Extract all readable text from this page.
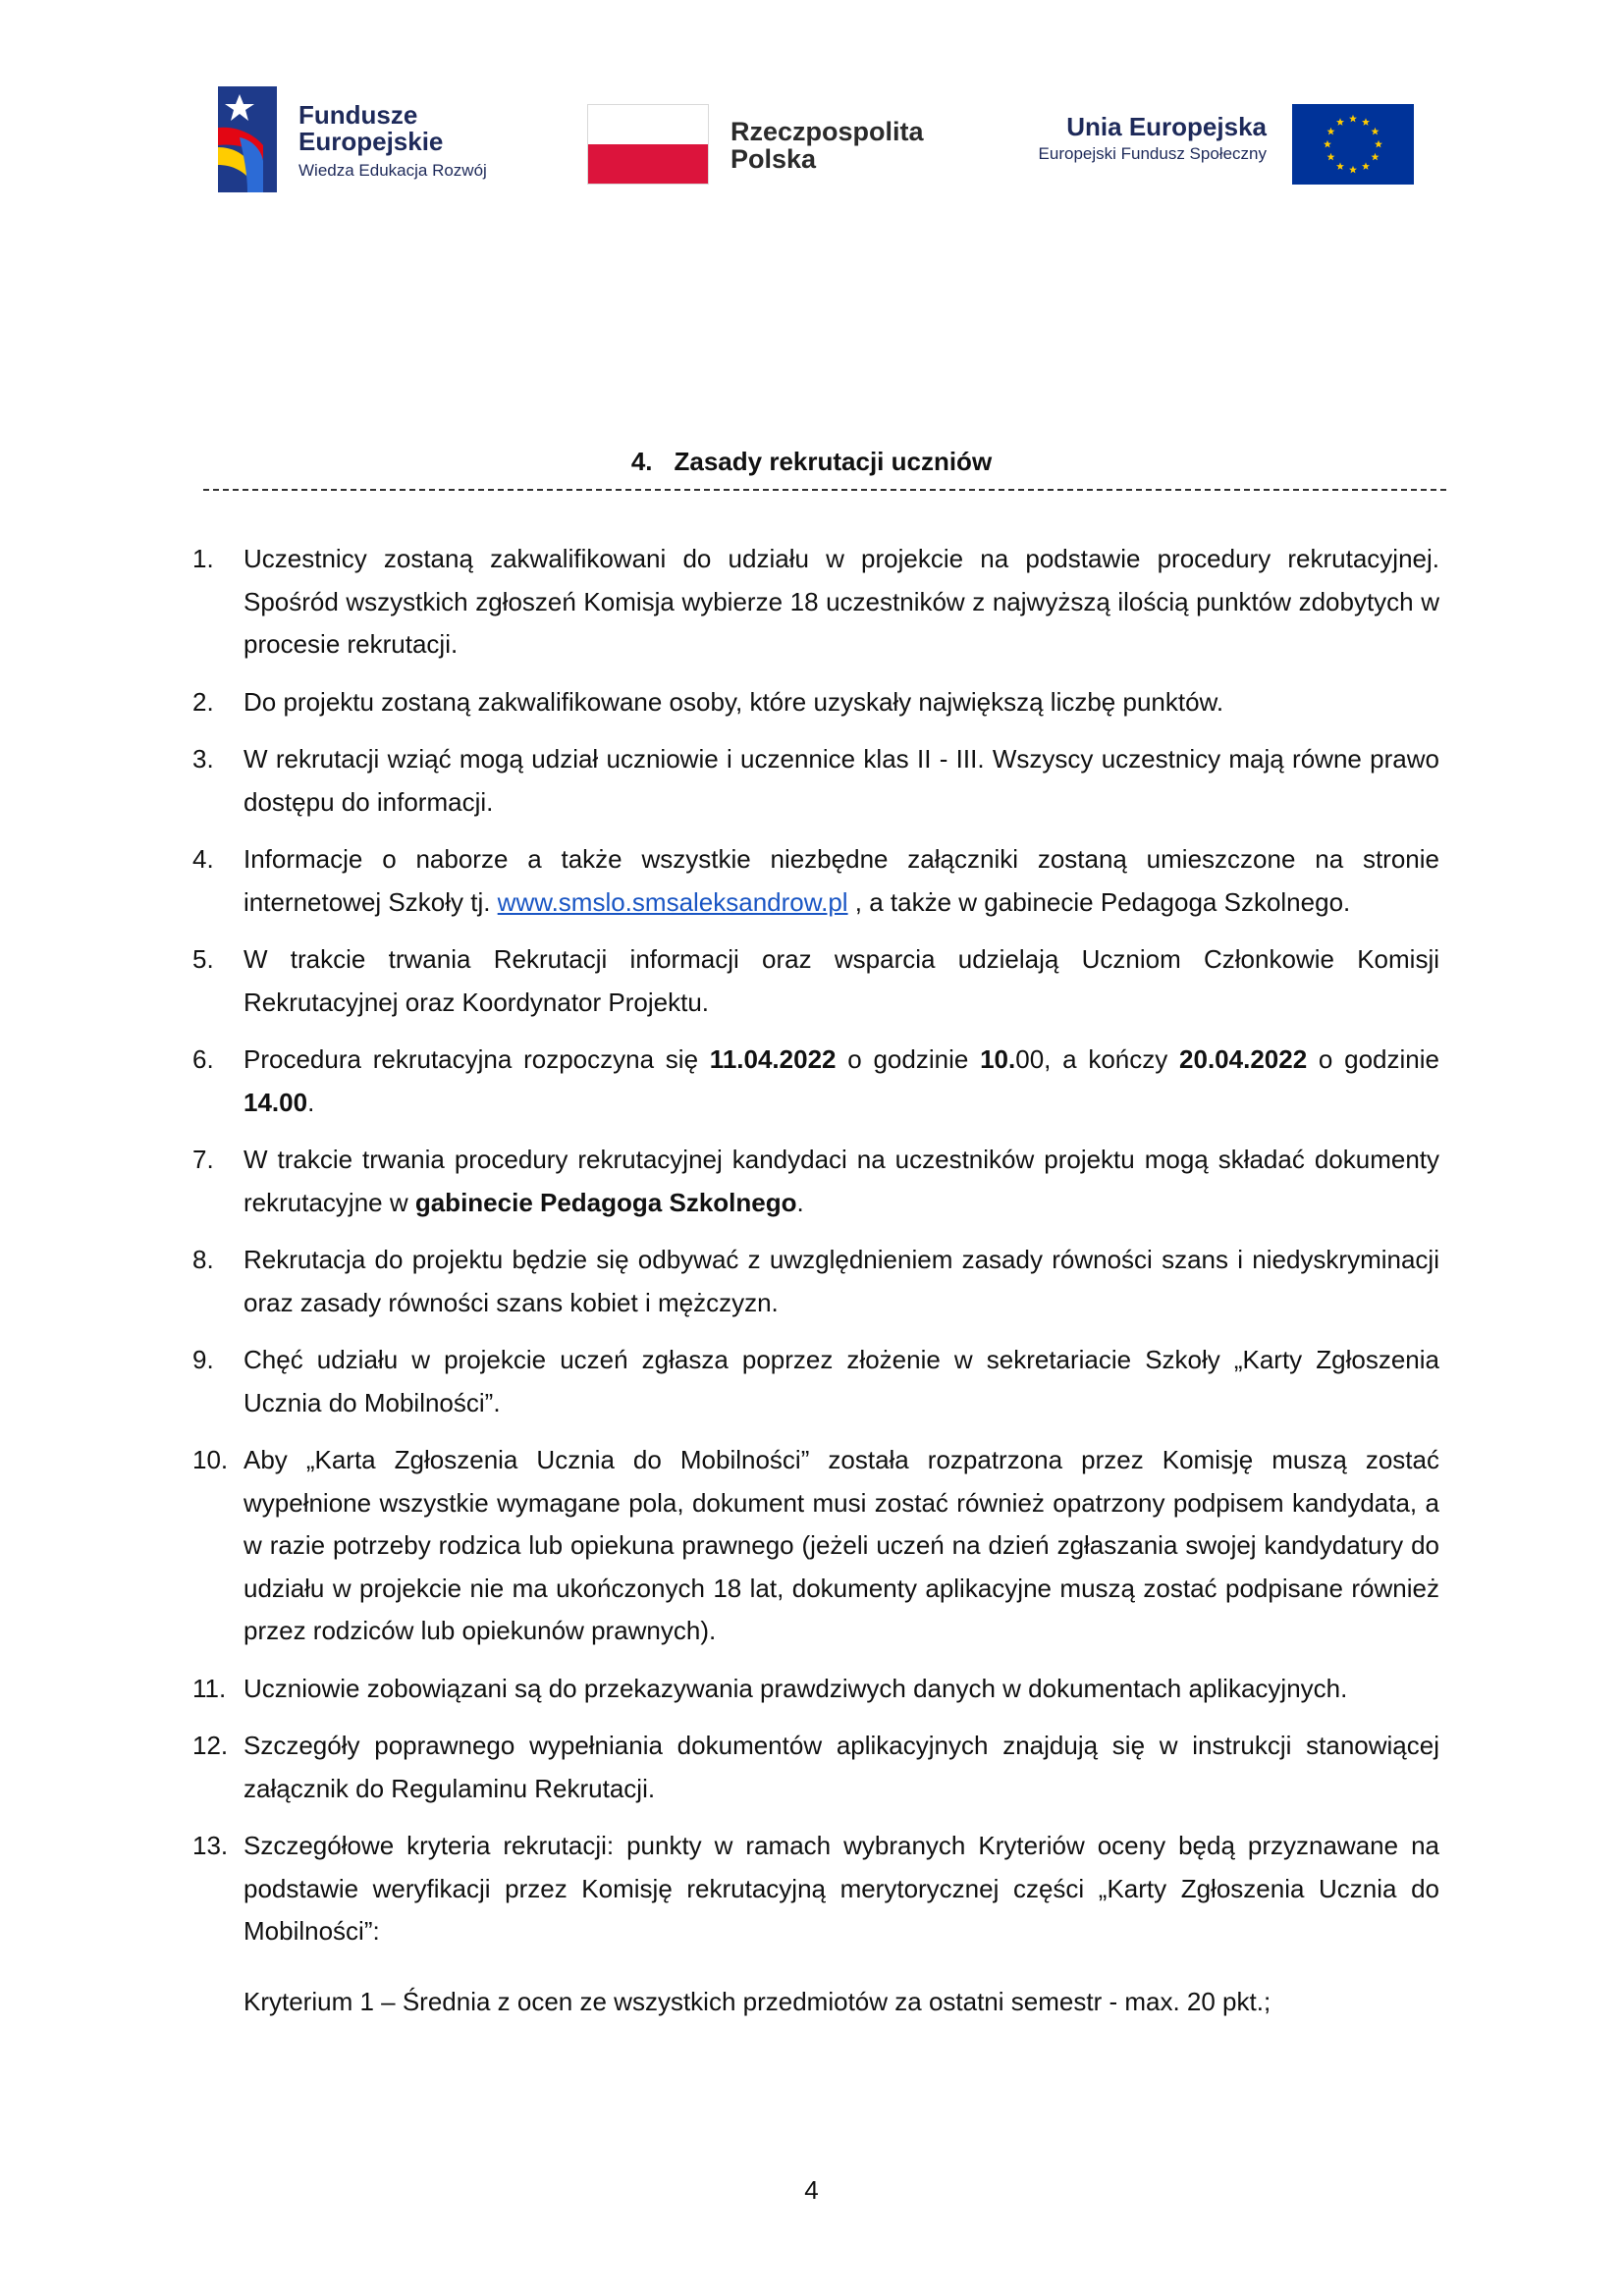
Fundusze
Europejskie
Wiedza Edukacja Rozwój
Rzeczpospolita
Polska
Unia Europejska
Europejski Fundusz Społeczny
4. Zasady rekrutacji uczniów
1.	Uczestnicy zostaną zakwalifikowani do udziału w projekcie na podstawie procedury rekrutacyjnej. Spośród wszystkich zgłoszeń Komisja wybierze 18 uczestników z najwyższą ilością punktów zdobytych w procesie rekrutacji.
2.	Do projektu zostaną zakwalifikowane osoby, które uzyskały największą liczbę punktów.
3.	W rekrutacji wziąć mogą udział uczniowie i uczennice klas II - III. Wszyscy uczestnicy mają równe prawo dostępu do informacji.
4.	Informacje o naborze a także wszystkie niezbędne załączniki zostaną umieszczone na stronie internetowej Szkoły tj. www.smslo.smsaleksandrow.pl , a także w gabinecie Pedagoga Szkolnego.
5.	W trakcie trwania Rekrutacji informacji oraz wsparcia udzielają Uczniom Członkowie Komisji Rekrutacyjnej oraz Koordynator Projektu.
6.	Procedura rekrutacyjna rozpoczyna się 11.04.2022 o godzinie 10.00, a kończy 20.04.2022 o godzinie 14.00.
7.	W trakcie trwania procedury rekrutacyjnej kandydaci na uczestników projektu mogą składać dokumenty rekrutacyjne w gabinecie Pedagoga Szkolnego.
8.	Rekrutacja do projektu będzie się odbywać z uwzględnieniem zasady równości szans i niedyskryminacji oraz zasady równości szans kobiet i mężczyzn.
9.	Chęć udziału w projekcie uczeń zgłasza poprzez złożenie w sekretariacie Szkoły „Karty Zgłoszenia Ucznia do Mobilności”.
10. Aby „Karta Zgłoszenia Ucznia do Mobilności” została rozpatrzona przez Komisję muszą zostać wypełnione wszystkie wymagane pola, dokument musi zostać również opatrzony podpisem kandydata, a w razie potrzeby rodzica lub opiekuna prawnego (jeżeli uczeń na dzień zgłaszania swojej kandydatury do udziału w projekcie nie ma ukończonych 18 lat, dokumenty aplikacyjne muszą zostać podpisane również przez rodziców lub opiekunów prawnych).
11. Uczniowie zobowiązani są do przekazywania prawdziwych danych w dokumentach aplikacyjnych.
12. Szczegóły poprawnego wypełniania dokumentów aplikacyjnych znajdują się w instrukcji stanowiącej załącznik do Regulaminu Rekrutacji.
13. Szczegółowe kryteria rekrutacji: punkty w ramach wybranych Kryteriów oceny będą przyznawane na podstawie weryfikacji przez Komisję rekrutacyjną merytorycznej części „Karty Zgłoszenia Ucznia do Mobilności”:
Kryterium 1 – Średnia z ocen ze wszystkich przedmiotów za ostatni semestr - max. 20 pkt.;
4
